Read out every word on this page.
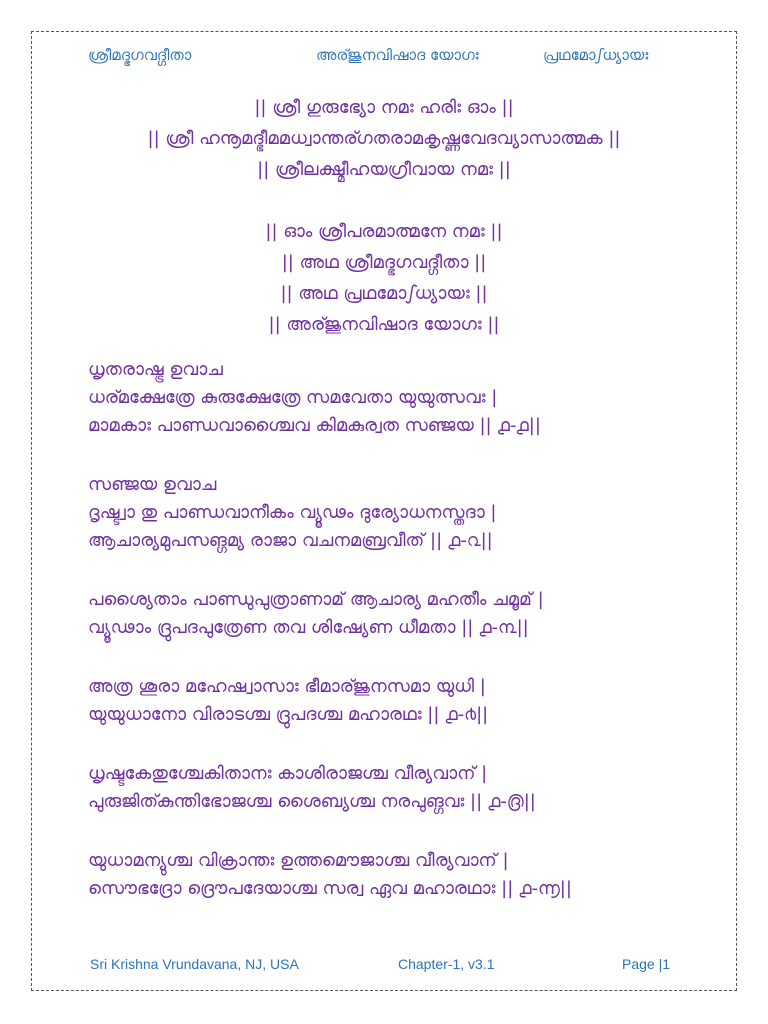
ശ്രീമദ്ഭഗവദ്ഗീതാ	അര്ജുനവിഷാദ യോഗഃ	പ്രഥമോഽധ്യായഃ
|| ശ്രീ ഗുരുഭ്യോ നമഃ ഹരിഃ ഓം ||
|| ശ്രീ ഹനൂമദ്ഭീമമധ്വാന്തര്ഗതരാമകൃഷ്ണവേദവ്യാസാത്മക ||
|| ശ്രീലക്ഷ്മീഹയഗ്രീവായ നമഃ ||
|| ഓം ശ്രീപരമാത്മനേ നമഃ ||
|| അഥ ശ്രീമദ്ഭഗവദ്ഗീതാ ||
|| അഥ പ്രഥമോഽധ്യായഃ ||
|| അര്ജുനവിഷാദ യോഗഃ ||
ധൃതരാഷ്ട്ര ഉവാച
ധര്മക്ഷേത്രേ കുരുക്ഷേത്രേ സമവേതാ യുയുത്സവഃ |
മാമകാഃ പാണ്ഡവാശ്ചൈവ കിമകുര്വത സഞ്ജയ || ൧-൧||
സഞ്ജയ ഉവാച
ദൃഷ്ട്വാ തു പാണ്ഡവാനീകം വ്യൂഢം ദുര്യോധനസ്തദാ |
ആചാര്യമുപസങ്ഗമ്യ രാജാ വചനമബ്രവീത് || ൧-൨||
പശ്യൈതാം പാണ്ഡുപുത്രാണാമ് ആചാര്യ മഹതീം ചമൂമ് |
വ്യൂഢാം ദ്രുപദപുത്രേണ തവ ശിഷ്യേണ ധീമതാ || ൧-൩||
അത്ര ശൂരാ മഹേഷ്വാസാഃ ഭീമാര്ജുനസമാ യുധി |
യുയുധാനോ വിരാടശ്ച ദ്രുപദശ്ച മഹാരഥഃ || ൧-൪||
ധൃഷ്ടകേതുശ്ചേകിതാനഃ കാശിരാജശ്ച വീര്യവാന് |
പുരുജിത്കുന്തിഭോജശ്ച ശൈബ്യശ്ച നരപുങ്ഗവഃ || ൧-൫||
യുധാമന്യുശ്ച വിക്രാന്തഃ ഉത്തമൌജാശ്ച വീര്യവാന് |
സൌഭദ്രോ ദ്രൌപദേയാശ്ച സര്വ ഏവ മഹാരഥാഃ || ൧-൬||
Sri Krishna Vrundavana, NJ, USA	Chapter-1, v3.1	Page |1
